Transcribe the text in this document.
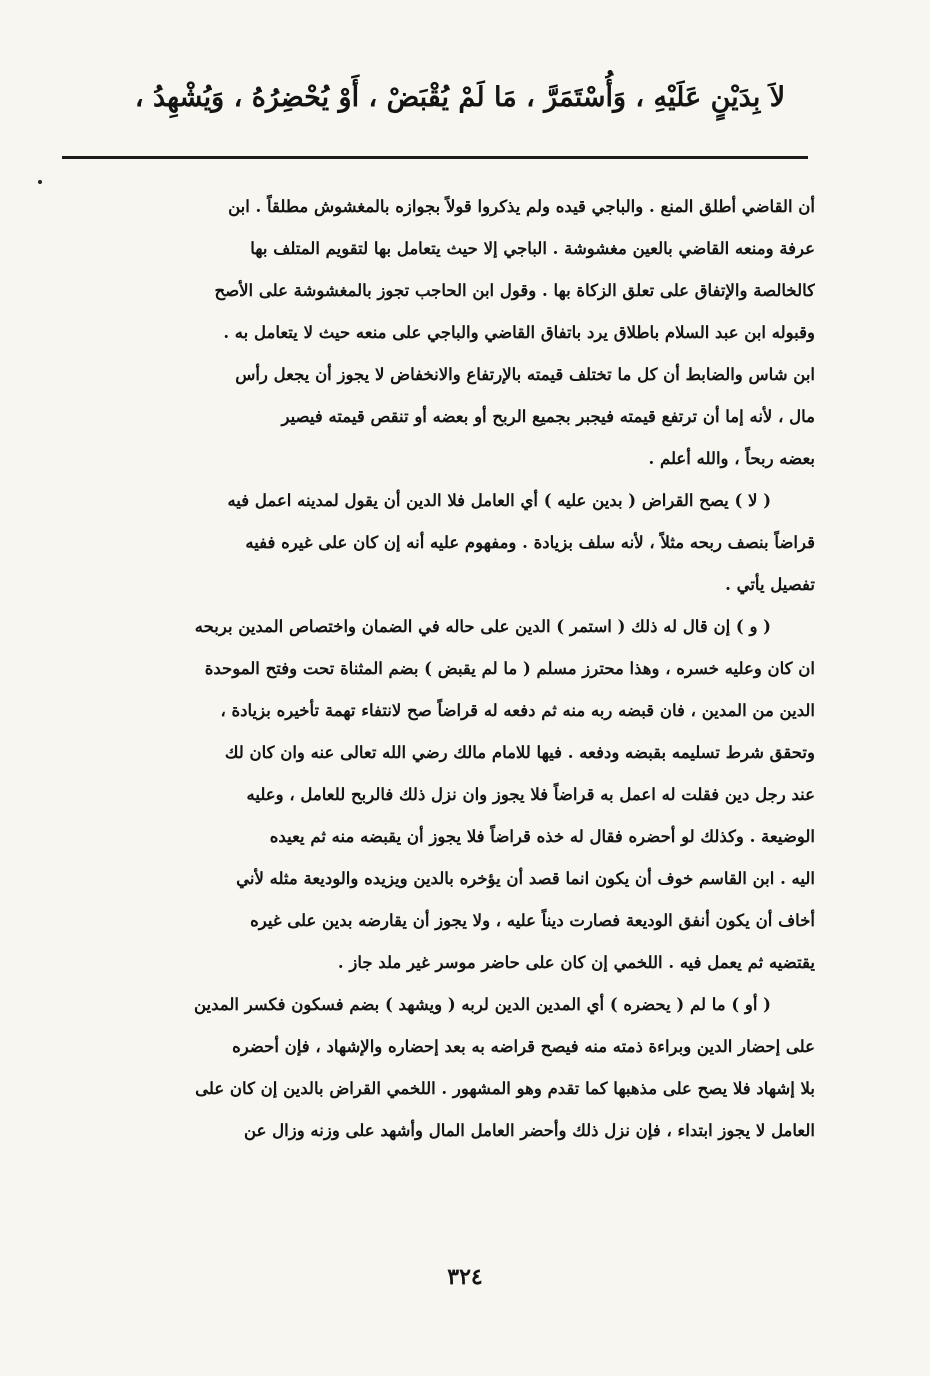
لاَ بِدَيْنٍ عَلَيْهِ ، وَأُسْتَمَرَّ ، مَا لَمْ يُقْبَضْ ، أَوْ يُحْضِرُهُ ، وَيُشْهِدُ ،
أن القاضي أطلق المنع . والباجي قيده ولم يذكروا قولاً بجوازه بالمغشوش مطلقاً . ابن
عرفة ومنعه القاضي بالعين مغشوشة . الباجي إلا حيث يتعامل بها لتقويم المتلف بها
كالخالصة والإتفاق على تعلق الزكاة بها . وقول ابن الحاجب تجوز بالمغشوشة على الأصح
وقبوله ابن عبد السلام باطلاق يرد باتفاق القاضي والباجي على منعه حيث لا يتعامل به .
ابن شاس والضابط أن كل ما تختلف قيمته بالإرتفاع والانخفاض لا يجوز أن يجعل رأس
مال ، لأنه إما أن ترتفع قيمته فيجبر بجميع الربح أو بعضه أو تنقص قيمته فيصير
بعضه ربحاً ، والله أعلم .
( لا ) يصح القراض ( بدين عليه ) أي العامل فلا الدين أن يقول لمدينه اعمل فيه
قراضاً بنصف ربحه مثلاً ، لأنه سلف بزيادة . ومفهوم عليه أنه إن كان على غيره ففيه
تفصيل يأتي .
( و ) إن قال له ذلك ( استمر ) الدين على حاله في الضمان واختصاص المدين بربحه
ان كان وعليه خسره ، وهذا محترز مسلم ( ما لم يقبض ) بضم المثناة تحت وفتح الموحدة
الدين من المدين ، فان قبضه ربه منه ثم دفعه له قراضاً صح لانتفاء تهمة تأخيره بزيادة ،
وتحقق شرط تسليمه بقبضه ودفعه . فيها للامام مالك رضي الله تعالى عنه وان كان لك
عند رجل دين فقلت له اعمل به قراضاً فلا يجوز وان نزل ذلك فالربح للعامل ، وعليه
الوضيعة . وكذلك لو أحضره فقال له خذه قراضاً فلا يجوز أن يقبضه منه ثم يعيده
اليه . ابن القاسم خوف أن يكون انما قصد أن يؤخره بالدين ويزيده والوديعة مثله لأني
أخاف أن يكون أنفق الوديعة فصارت ديناً عليه ، ولا يجوز أن يقارضه بدين على غيره
يقتضيه ثم يعمل فيه . اللخمي إن كان على حاضر موسر غير ملد جاز .
( أو ) ما لم ( يحضره ) أي المدين الدين لربه ( ويشهد ) بضم فسكون فكسر المدين
على إحضار الدين وبراءة ذمته منه فيصح قراضه به بعد إحضاره والإشهاد ، فإن أحضره
بلا إشهاد فلا يصح على مذهبها كما تقدم وهو المشهور . اللخمي القراض بالدين إن كان على
العامل لا يجوز ابتداء ، فإن نزل ذلك وأحضر العامل المال وأشهد على وزنه وزال عن
٣٢٤
